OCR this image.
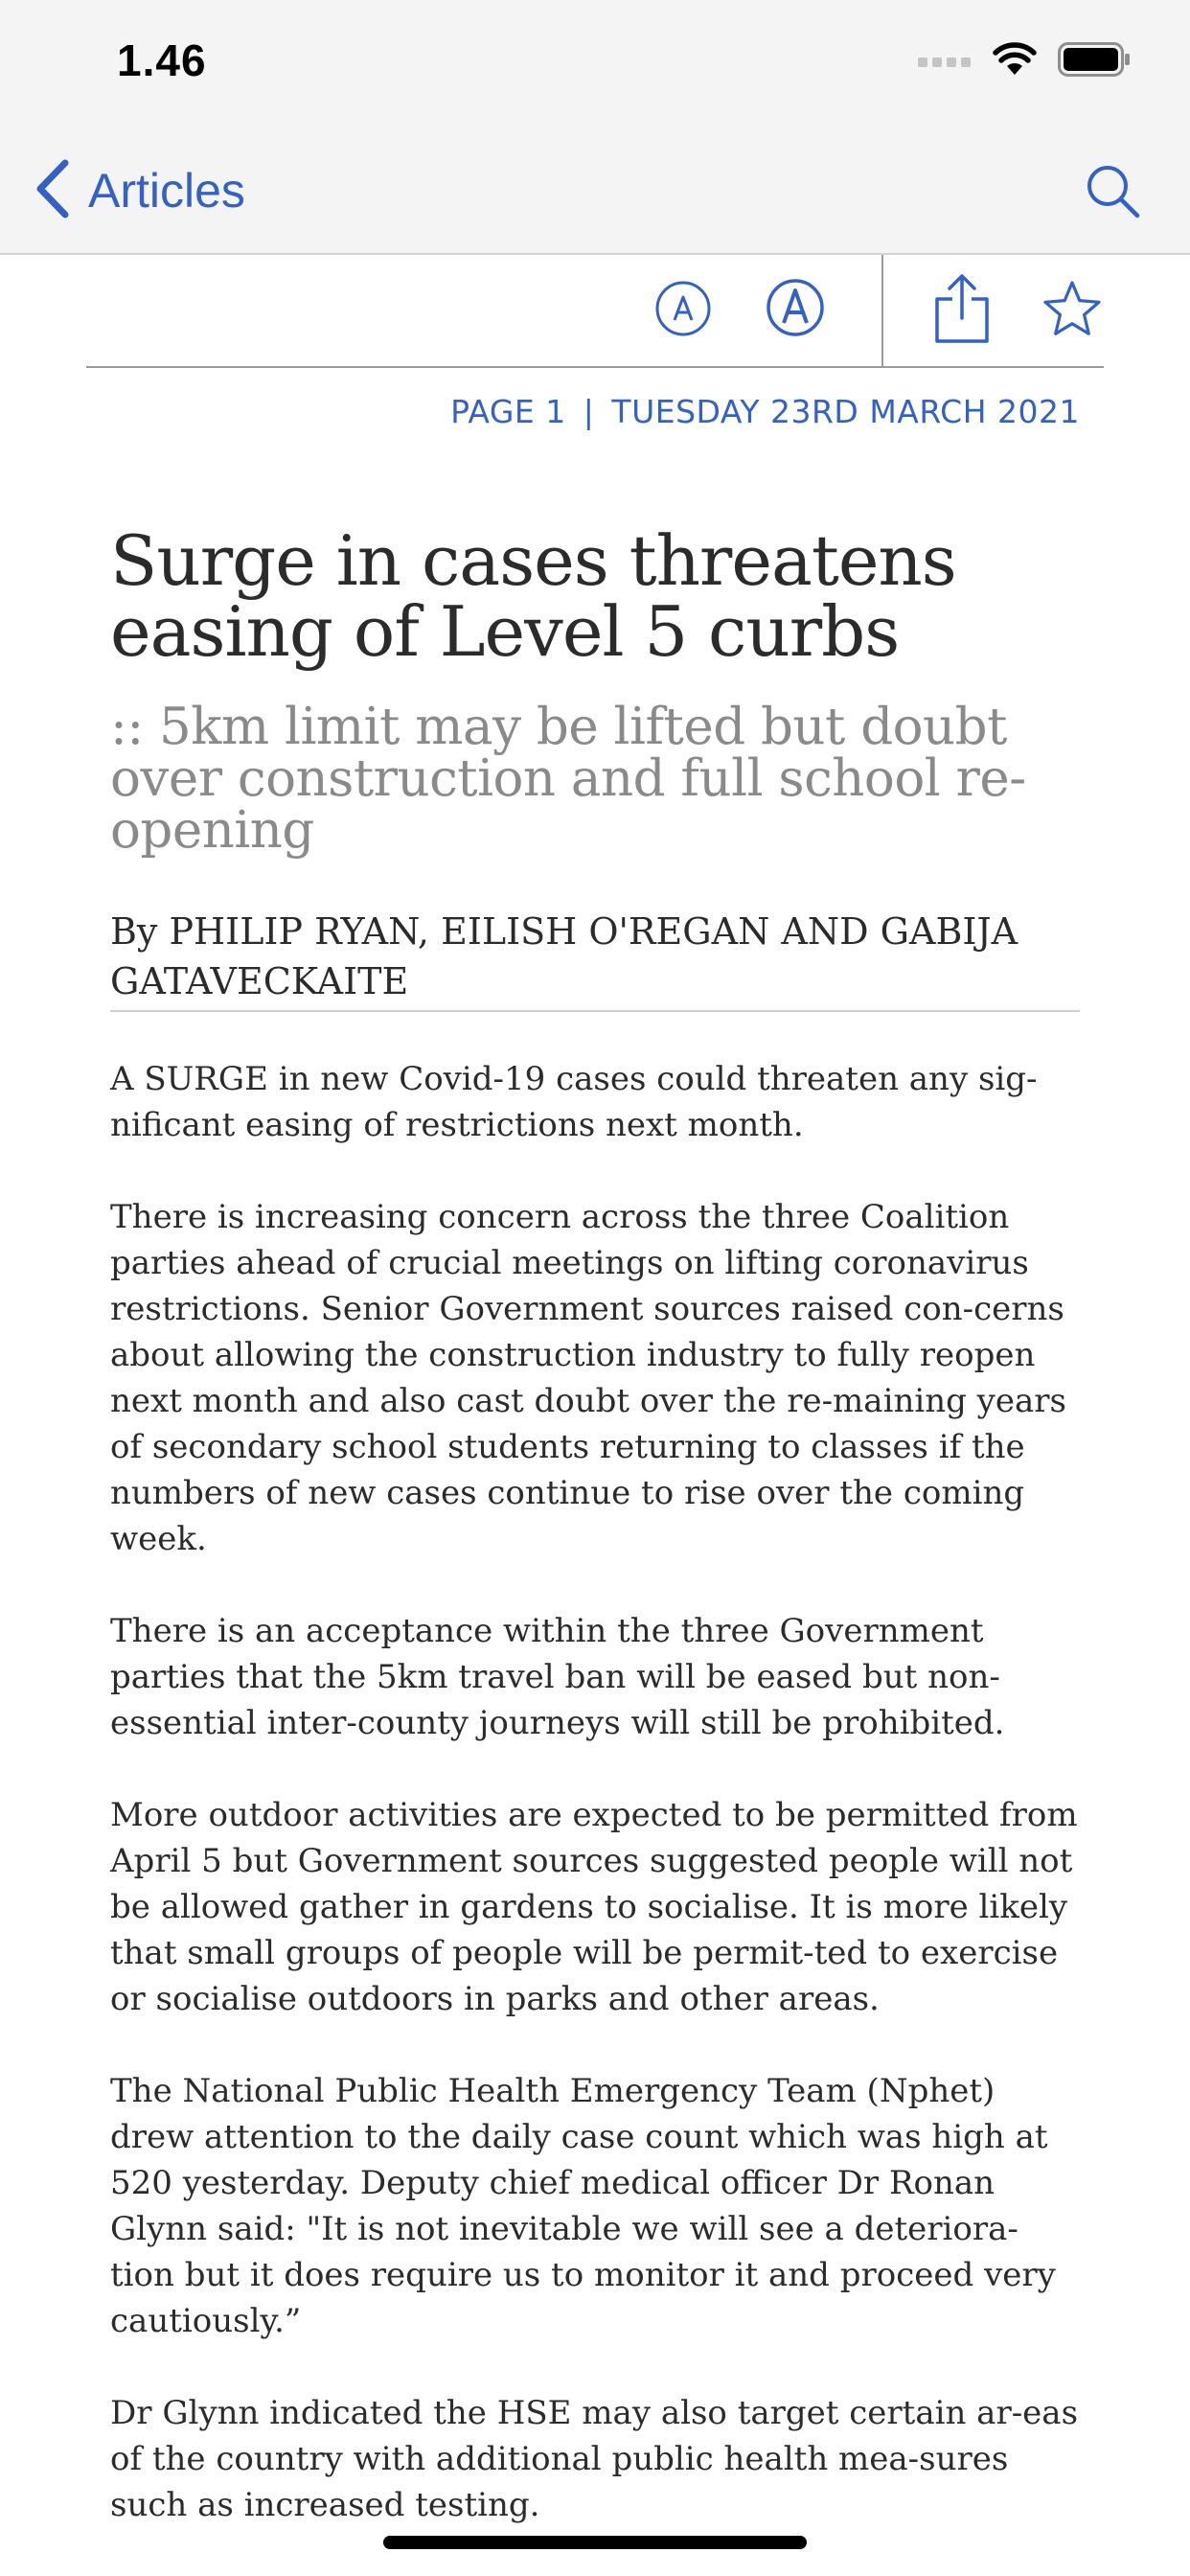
1.46
Articles
PAGE 1 | TUESDAY 23RD MARCH 2021
Surge in cases threatens easing of Level 5 curbs
:: 5km limit may be lifted but doubt over construction and full school re-opening
By PHILIP RYAN, EILISH O'REGAN AND GABIJA GATAVECKAITE

A SURGE in new Covid-19 cases could threaten any sig-nificant easing of restrictions next month.

There is increasing concern across the three Coalition parties ahead of crucial meetings on lifting coronavirus restrictions. Senior Government sources raised con-cerns about allowing the construction industry to fully reopen next month and also cast doubt over the re-maining years of secondary school students returning to classes if the numbers of new cases continue to rise over the coming week.

There is an acceptance within the three Government parties that the 5km travel ban will be eased but non-essential inter-county journeys will still be prohibited.

More outdoor activities are expected to be permitted from April 5 but Government sources suggested people will not be allowed gather in gardens to socialise. It is more likely that small groups of people will be permit-ted to exercise or socialise outdoors in parks and other areas.

The National Public Health Emergency Team (Nphet) drew attention to the daily case count which was high at 520 yesterday. Deputy chief medical officer Dr Ronan Glynn said: "It is not inevitable we will see a deteriora-tion but it does require us to monitor it and proceed very cautiously.”

Dr Glynn indicated the HSE may also target certain ar-eas of the country with additional public health mea-sures such as increased testing.
